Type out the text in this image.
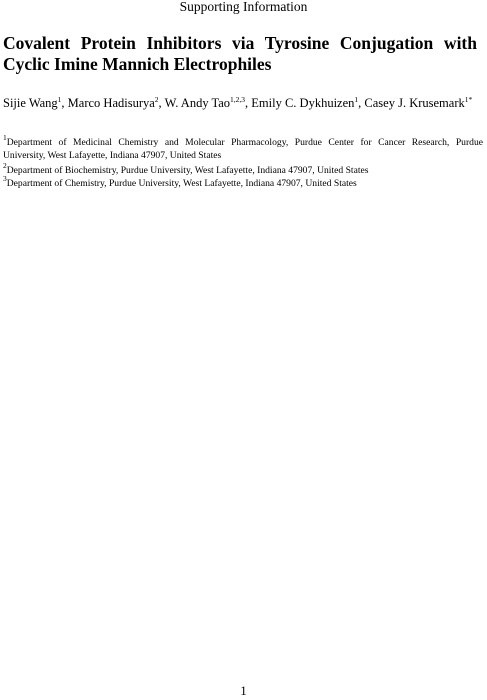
Supporting Information
Covalent Protein Inhibitors via Tyrosine Conjugation with
Cyclic Imine Mannich Electrophiles
Sijie Wang$^1$, Marco Hadisurya$^2$, W. Andy Tao$^{1,2,3}$, Emily C. Dykhuizen$^1$, Casey J. Krusemark$^{1*}$
$^1$Department of Medicinal Chemistry and Molecular Pharmacology, Purdue Center for Cancer Research, Purdue
University, West Lafayette, Indiana 47907, United States
$^2$Department of Biochemistry, Purdue University, West Lafayette, Indiana 47907, United States
$^3$Department of Chemistry, Purdue University, West Lafayette, Indiana 47907, United States
1
